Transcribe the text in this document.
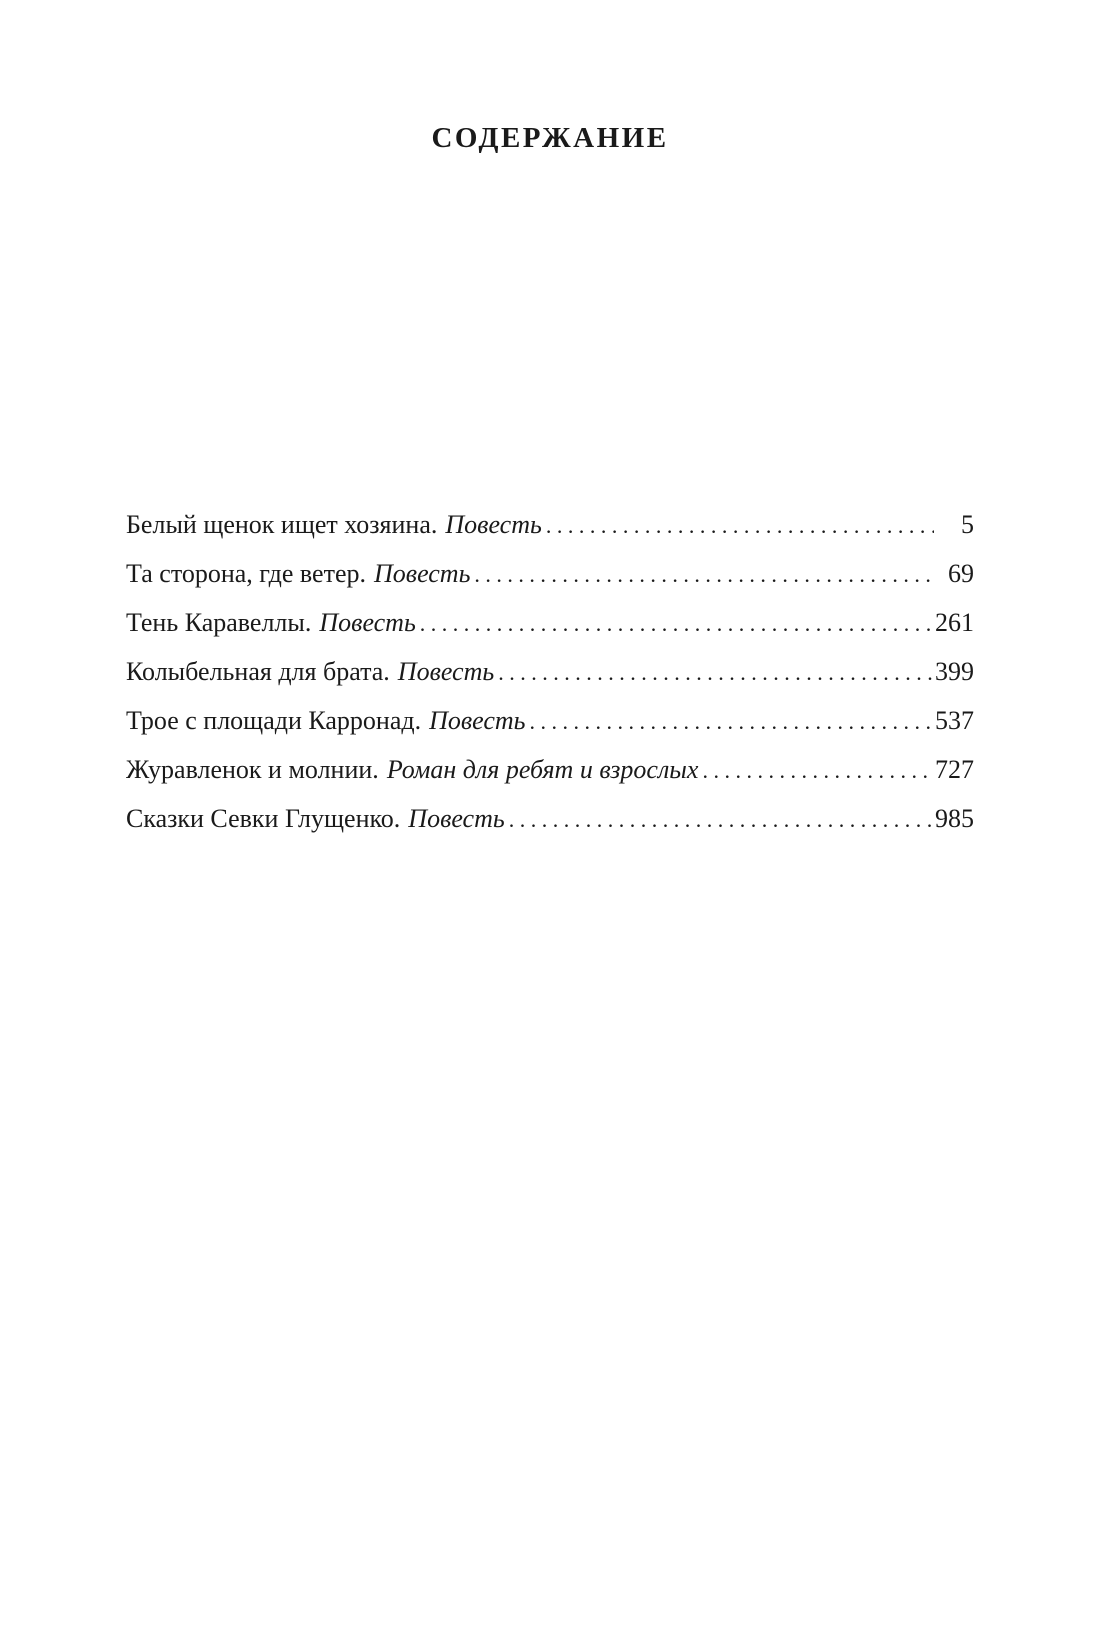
СОДЕРЖАНИЕ
Белый щенок ищет хозяина. Повесть . . .	5
Та сторона, где ветер. Повесть . . .	69
Тень Каравеллы. Повесть . . .	261
Колыбельная для брата. Повесть . . .	399
Трое с площади Карронад. Повесть . . .	537
Журавленок и молнии. Роман для ребят и взрослых . . .	727
Сказки Севки Глущенко. Повесть . . .	985
